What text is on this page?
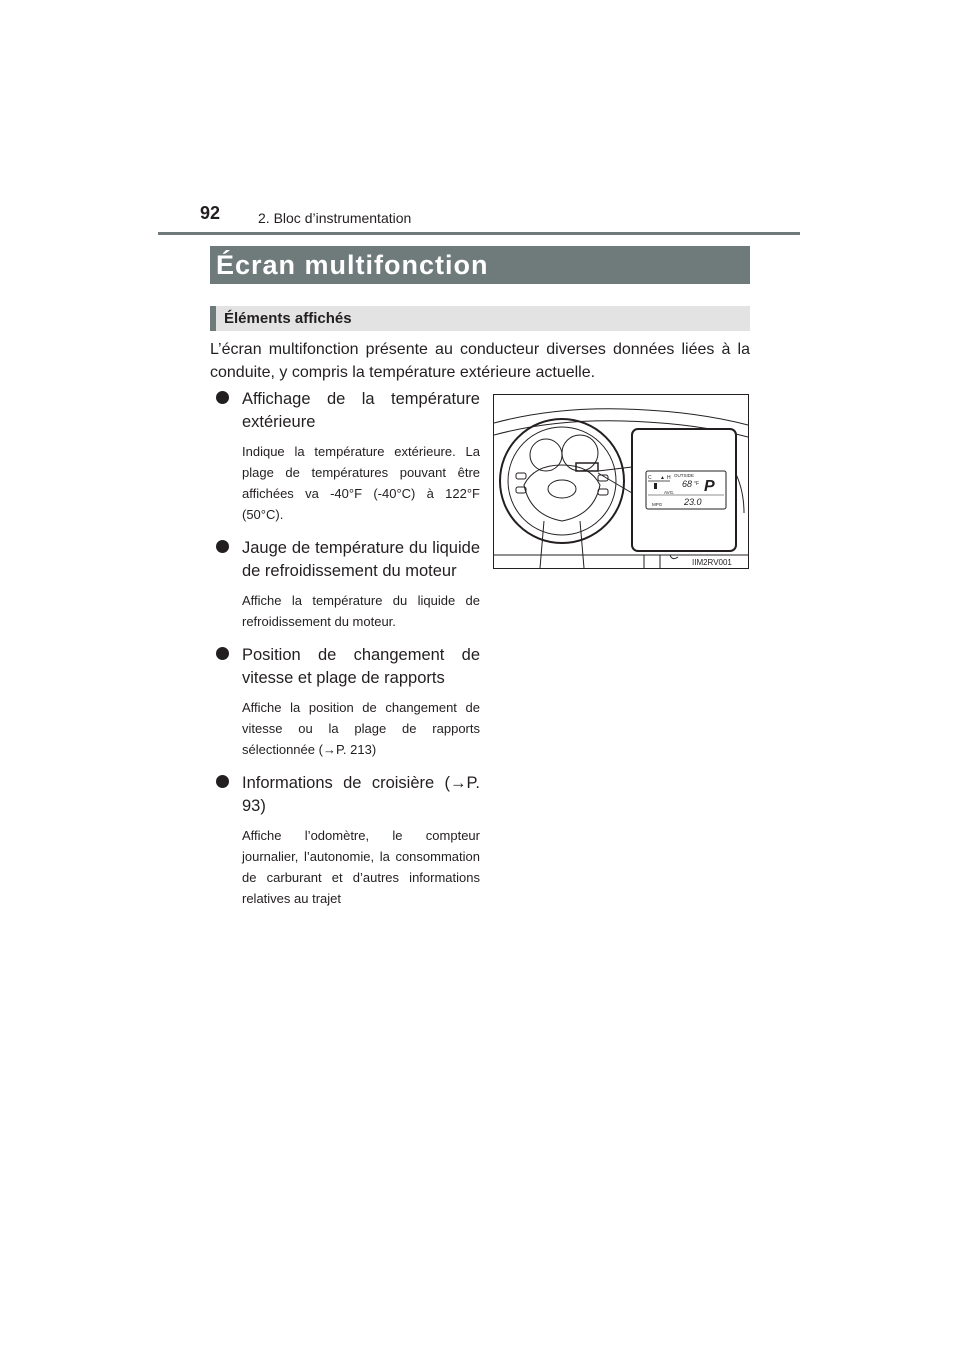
92	2. Bloc d’instrumentation
Écran multifonction
Éléments affichés
L’écran multifonction présente au conducteur diverses données liées à la conduite, y compris la température extérieure actuelle.
Affichage de la température extérieure
Indique la température extérieure. La plage de températures pouvant être affichées va -40°F (-40°C) à 122°F (50°C).
Jauge de température du liquide de refroidissement du moteur
Affiche la température du liquide de refroidissement du moteur.
Position de changement de vitesse et plage de rapports
Affiche la position de changement de vitesse ou la plage de rapports sélectionnée (→P. 213)
Informations de croisière (→P. 93)
Affiche l’odomètre, le compteur journalier, l’autonomie, la consommation de carburant et d’autres informations relatives au trajet
C ▲ H OUTSIDE
68 °F P
AVG.
23.0
MPG
IIM2RV001
